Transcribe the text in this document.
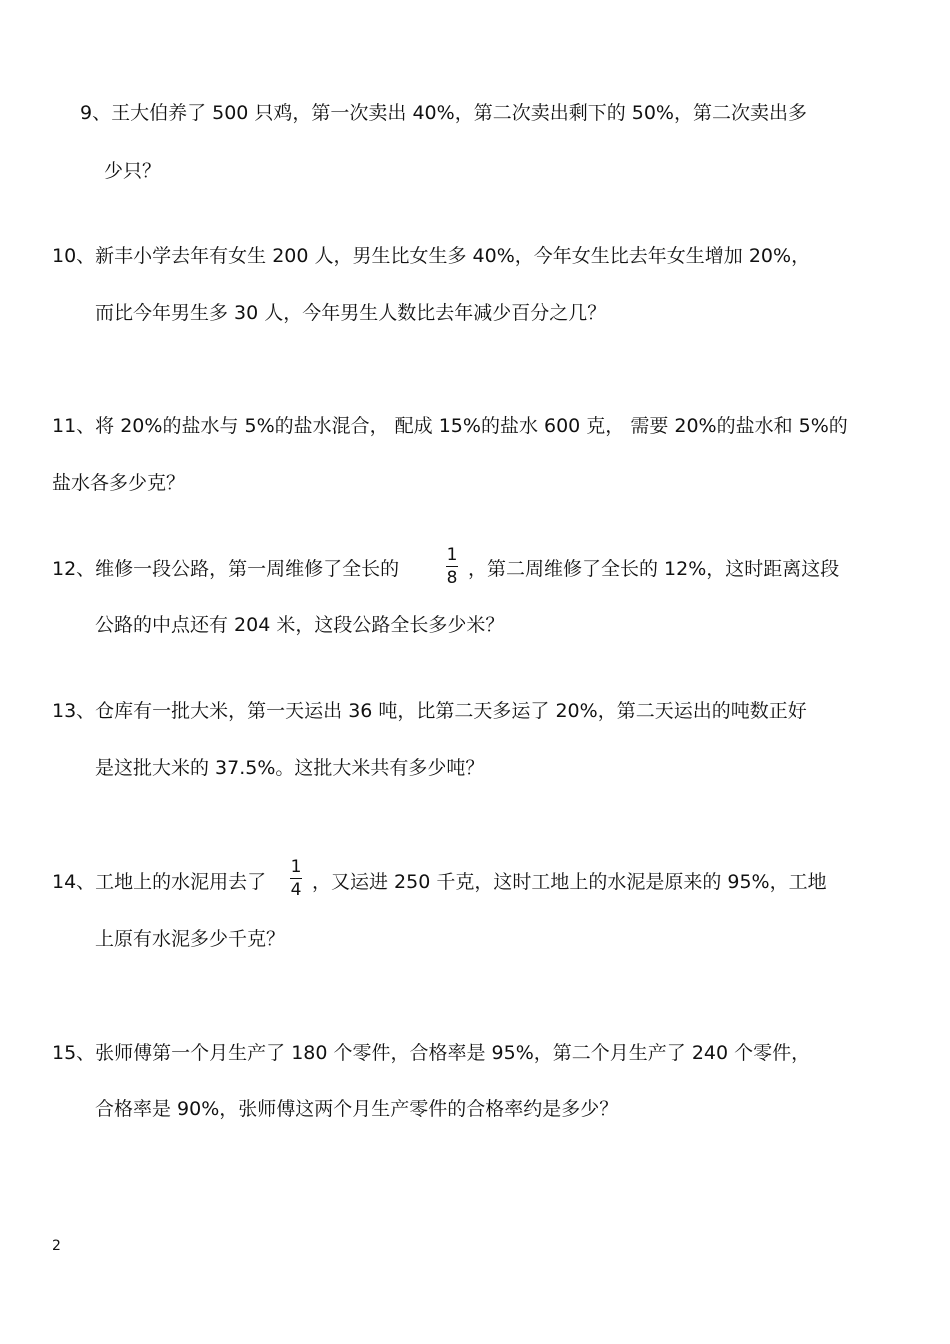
9、王大伯养了 500 只鸡，第一次卖出 40%，第二次卖出剩下的 50%，第二次卖出多
少只？
10、新丰小学去年有女生 200 人，男生比女生多 40%，今年女生比去年女生增加 20%，
而比今年男生多 30 人，今年男生人数比去年减少百分之几？
11、将 20%的盐水与 5%的盐水混合， 配成 15%的盐水 600 克， 需要 20%的盐水和 5%的
盐水各多少克？
12、维修一段公路，第一周维修了全长的
1
8 ，第二周维修了全长的 12%，这时距离这段
公路的中点还有 204 米，这段公路全长多少米？
13、仓库有一批大米，第一天运出 36 吨，比第二天多运了 20%，第二天运出的吨数正好
是这批大米的 37.5%。这批大米共有多少吨？
14、工地上的水泥用去了
1
4 ，又运进 250 千克，这时工地上的水泥是原来的 95%，工地
上原有水泥多少千克？
15、张师傅第一个月生产了 180 个零件，合格率是 95%，第二个月生产了 240 个零件，
合格率是 90%，张师傅这两个月生产零件的合格率约是多少？
2
